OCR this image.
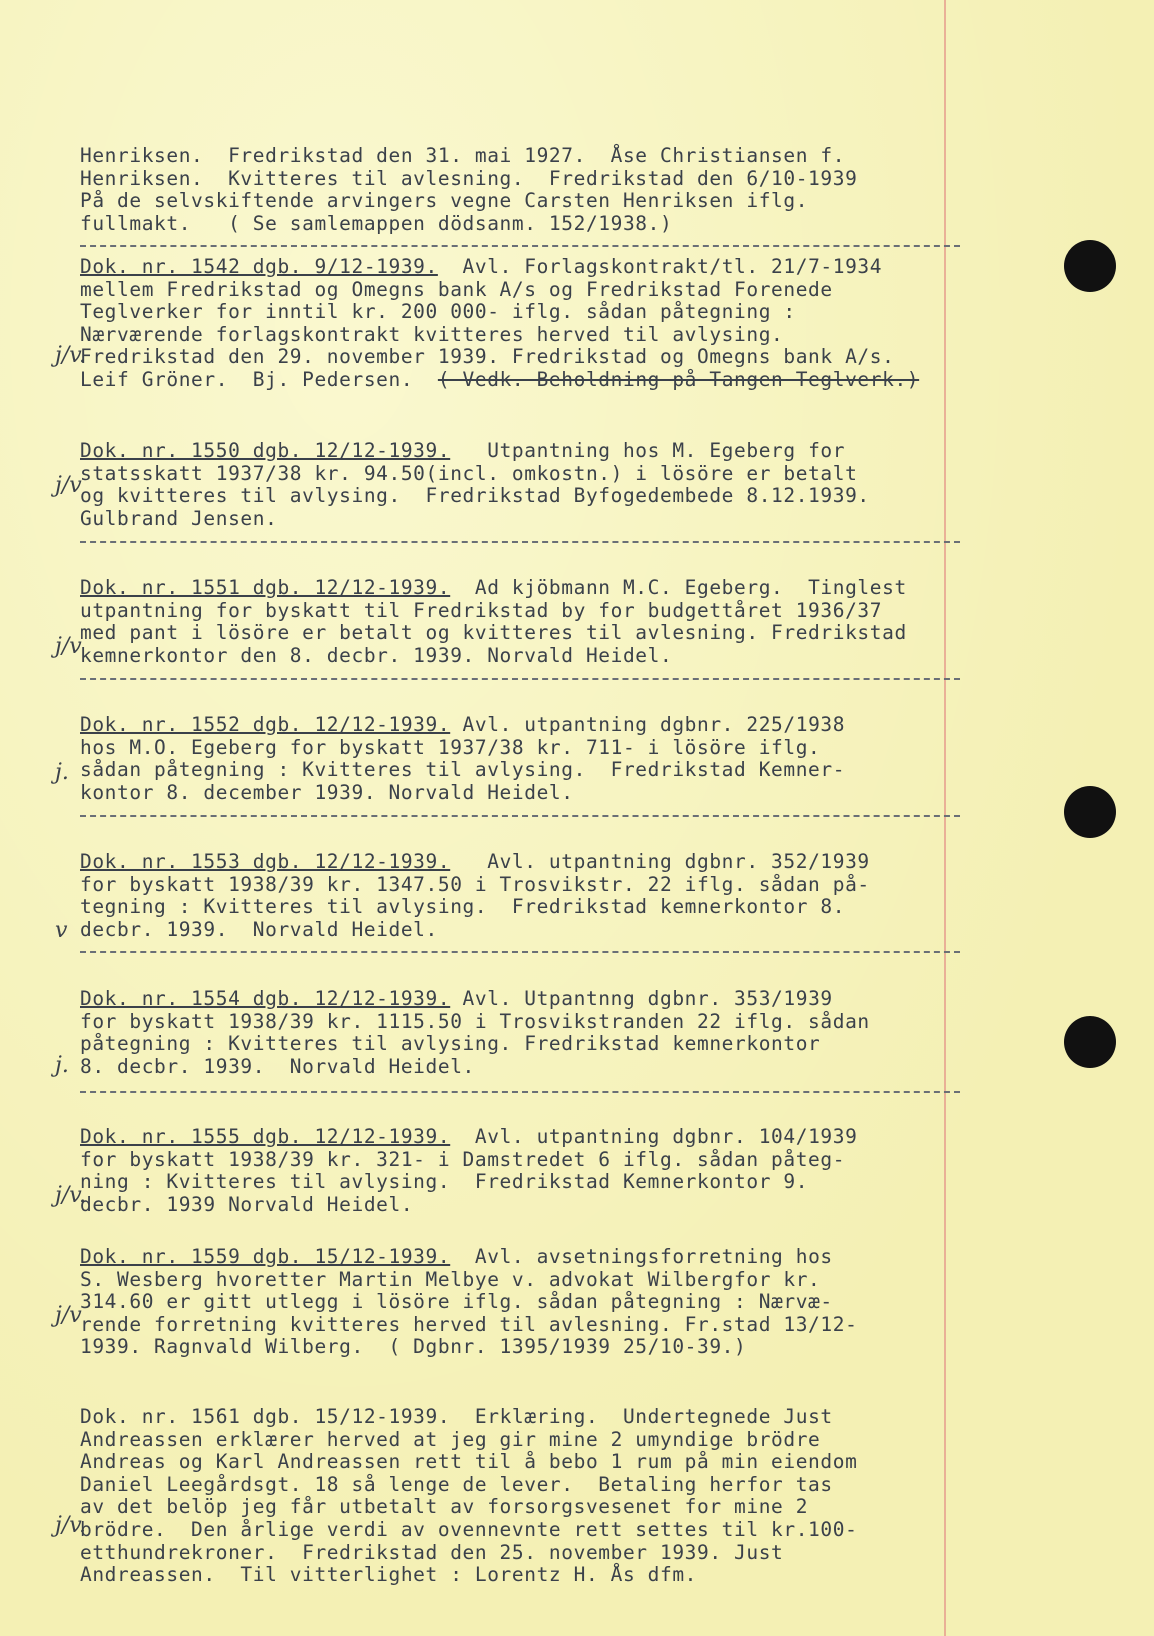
Henriksen.  Fredrikstad den 31. mai 1927.  Åse Christiansen f.
Henriksen.  Kvitteres til avlesning.  Fredrikstad den 6/10-1939
På de selvskiftende arvingers vegne Carsten Henriksen iflg.
fullmakt.   ( Se samlemappen dödsanm. 152/1938.)
Dok. nr. 1542 dgb. 9/12-1939.  Avl. Forlagskontrakt/tl. 21/7-1934
mellem Fredrikstad og Omegns bank A/s og Fredrikstad Forenede
Teglverker for inntil kr. 200 000- iflg. sådan påtegning :
Nærværende forlagskontrakt kvitteres herved til avlysing.
Fredrikstad den 29. november 1939. Fredrikstad og Omegns bank A/s.
Leif Gröner.  Bj. Pedersen. ( Vedk. Beholdning på Tangen Teglverk.)
j/v.
Dok. nr. 1550 dgb. 12/12-1939.   Utpantning hos M. Egeberg for
statsskatt 1937/38 kr. 94.50(incl. omkostn.) i lösöre er betalt
og kvitteres til avlysing.  Fredrikstad Byfogedembede 8.12.1939.
Gulbrand Jensen.
j/v
Dok. nr. 1551 dgb. 12/12-1939.  Ad kjöbmann M.C. Egeberg.  Tinglest
utpantning for byskatt til Fredrikstad by for budgettåret 1936/37
med pant i lösöre er betalt og kvitteres til avlesning. Fredrikstad
kemnerkontor den 8. decbr. 1939. Norvald Heidel.
j/v
Dok. nr. 1552 dgb. 12/12-1939. Avl. utpantning dgbnr. 225/1938
hos M.O. Egeberg for byskatt 1937/38 kr. 711- i lösöre iflg.
sådan påtegning : Kvitteres til avlysing.  Fredrikstad Kemner-
kontor 8. december 1939. Norvald Heidel.
j.
Dok. nr. 1553 dgb. 12/12-1939.   Avl. utpantning dgbnr. 352/1939
for byskatt 1938/39 kr. 1347.50 i Trosvikstr. 22 iflg. sådan på-
tegning : Kvitteres til avlysing.  Fredrikstad kemnerkontor 8.
decbr. 1939.  Norvald Heidel.
v
Dok. nr. 1554 dgb. 12/12-1939. Avl. Utpantnng dgbnr. 353/1939
for byskatt 1938/39 kr. 1115.50 i Trosvikstranden 22 iflg. sådan
påtegning : Kvitteres til avlysing. Fredrikstad kemnerkontor
8. decbr. 1939.  Norvald Heidel.
j.
Dok. nr. 1555 dgb. 12/12-1939.  Avl. utpantning dgbnr. 104/1939
for byskatt 1938/39 kr. 321- i Damstredet 6 iflg. sådan påteg-
ning : Kvitteres til avlysing.  Fredrikstad Kemnerkontor 9.
decbr. 1939 Norvald Heidel.
j/v.
Dok. nr. 1559 dgb. 15/12-1939.  Avl. avsetningsforretning hos
S. Wesberg hvoretter Martin Melbye v. advokat Wilbergfor kr.
314.60 er gitt utlegg i lösöre iflg. sådan påtegning : Nærvæ-
rende forretning kvitteres herved til avlesning. Fr.stad 13/12-
1939. Ragnvald Wilberg.  ( Dgbnr. 1395/1939 25/10-39.)
j/v
Dok. nr. 1561 dgb. 15/12-1939.  Erklæring.  Undertegnede Just
Andreassen erklærer herved at jeg gir mine 2 umyndige brödre
Andreas og Karl Andreassen rett til å bebo 1 rum på min eiendom
Daniel Leegårdsgt. 18 så lenge de lever.  Betaling herfor tas
av det belöp jeg får utbetalt av forsorgsvesenet for mine 2
brödre.  Den årlige verdi av ovennevnte rett settes til kr.100-
etthundrekroner.  Fredrikstad den 25. november 1939. Just
Andreassen.  Til vitterlighet : Lorentz H. Ås dfm.
j/v.
